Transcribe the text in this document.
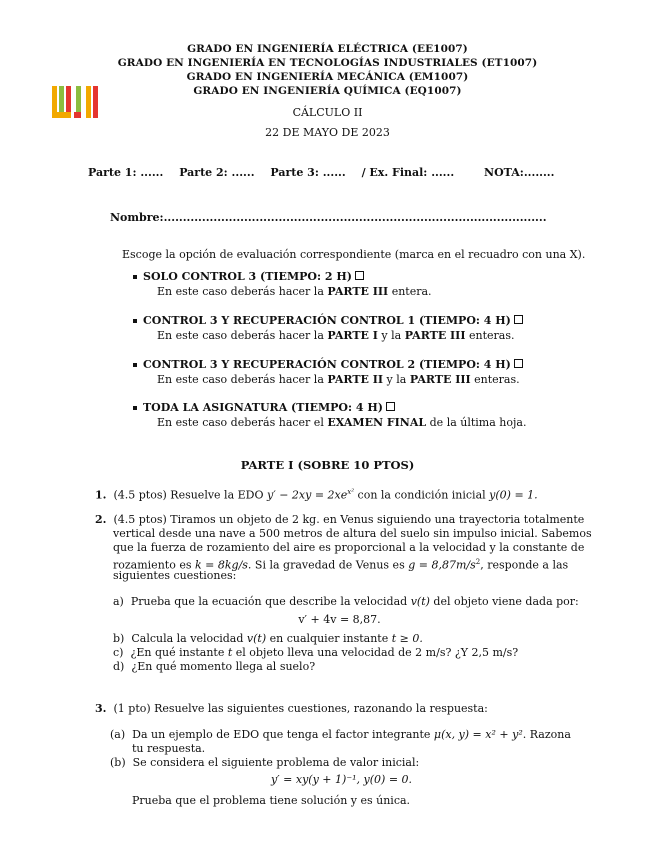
GRADO EN INGENIERÍA ELÉCTRICA (EE1007)
GRADO EN INGENIERÍA EN TECNOLOGÍAS INDUSTRIALES (ET1007)
GRADO EN INGENIERÍA MECÁNICA (EM1007)
GRADO EN INGENIERÍA QUÍMICA (EQ1007)
CÁLCULO II
22 DE MAYO DE 2023
Parte 1: ...... Parte 2: ...... Parte 3: ...... / Ex. Final: ......	NOTA:........
Nombre:....................................................................................................
Escoge la opción de evaluación correspondiente (marca en el recuadro con una X).
SOLO CONTROL 3 (TIEMPO: 2 H)
En este caso deberás hacer la PARTE III entera.
CONTROL 3 Y RECUPERACIÓN CONTROL 1 (TIEMPO: 4 H)
En este caso deberás hacer la PARTE I y la PARTE III enteras.
CONTROL 3 Y RECUPERACIÓN CONTROL 2 (TIEMPO: 4 H)
En este caso deberás hacer la PARTE II y la PARTE III enteras.
TODA LA ASIGNATURA (TIEMPO: 4 H)
En este caso deberás hacer el EXAMEN FINAL de la última hoja.
PARTE I (SOBRE 10 PTOS)
1. (4.5 ptos) Resuelve la EDO $y' - 2xy = 2xe^{x^2}$ con la condición inicial y(0) = 1.
2. (4.5 ptos) Tiramos un objeto de 2 kg. en Venus siguiendo una trayectoria totalmente
vertical desde una nave a 500 metros de altura del suelo sin impulso inicial. Sabemos
que la fuerza de rozamiento del aire es proporcional a la velocidad y la constante de
rozamiento es k = 8kg/s. Si la gravedad de Venus es $g = 8,87m/s^2$, responde a las
siguientes cuestiones:
a) Prueba que la ecuación que describe la velocidad v(t) del objeto viene dada por:
v′ + 4v = 8,87.
b) Calcula la velocidad v(t) en cualquier instante t ≥ 0.
c) ¿En qué instante t el objeto lleva una velocidad de 2 m/s? ¿Y 2,5 m/s?
d) ¿En qué momento llega al suelo?
3. (1 pto) Resuelve las siguientes cuestiones, razonando la respuesta:
(a) Da un ejemplo de EDO que tenga el factor integrante μ(x, y) = x² + y². Razona
tu respuesta.
(b) Se considera el siguiente problema de valor inicial:
y′ = xy(y + 1)⁻¹, y(0) = 0.
Prueba que el problema tiene solución y es única.
